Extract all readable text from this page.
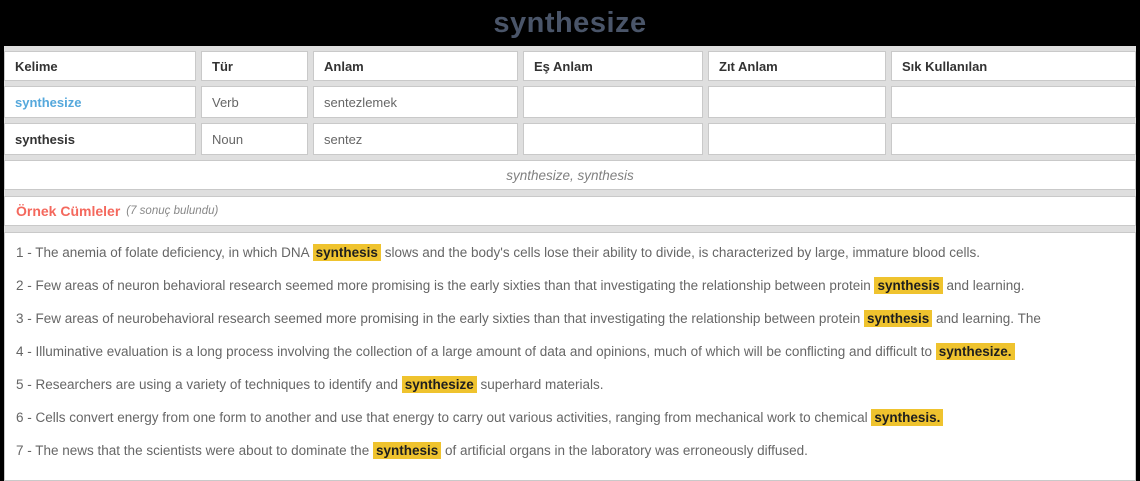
synthesize
Kelime	Tür	Anlam	Eş Anlam	Zıt Anlam	Sık Kullanılan
synthesize	Verb	sentezlemek
synthesis	Noun	sentez
synthesize, synthesis
Örnek Cümleler (7 sonuç bulundu)

1 - The anemia of folate deficiency, in which DNA synthesis slows and the body's cells lose their ability to divide, is characterized by large, immature blood cells.

2 - Few areas of neuron behavioral research seemed more promising is the early sixties than that investigating the relationship between protein synthesis and learning.

3 - Few areas of neurobehavioral research seemed more promising in the early sixties than that investigating the relationship between protein synthesis and learning. The

4 - Illuminative evaluation is a long process involving the collection of a large amount of data and opinions, much of which will be conflicting and difficult to synthesize.

5 - Researchers are using a variety of techniques to identify and synthesize superhard materials.

6 - Cells convert energy from one form to another and use that energy to carry out various activities, ranging from mechanical work to chemical synthesis.

7 - The news that the scientists were about to dominate the synthesis of artificial organs in the laboratory was erroneously diffused.
